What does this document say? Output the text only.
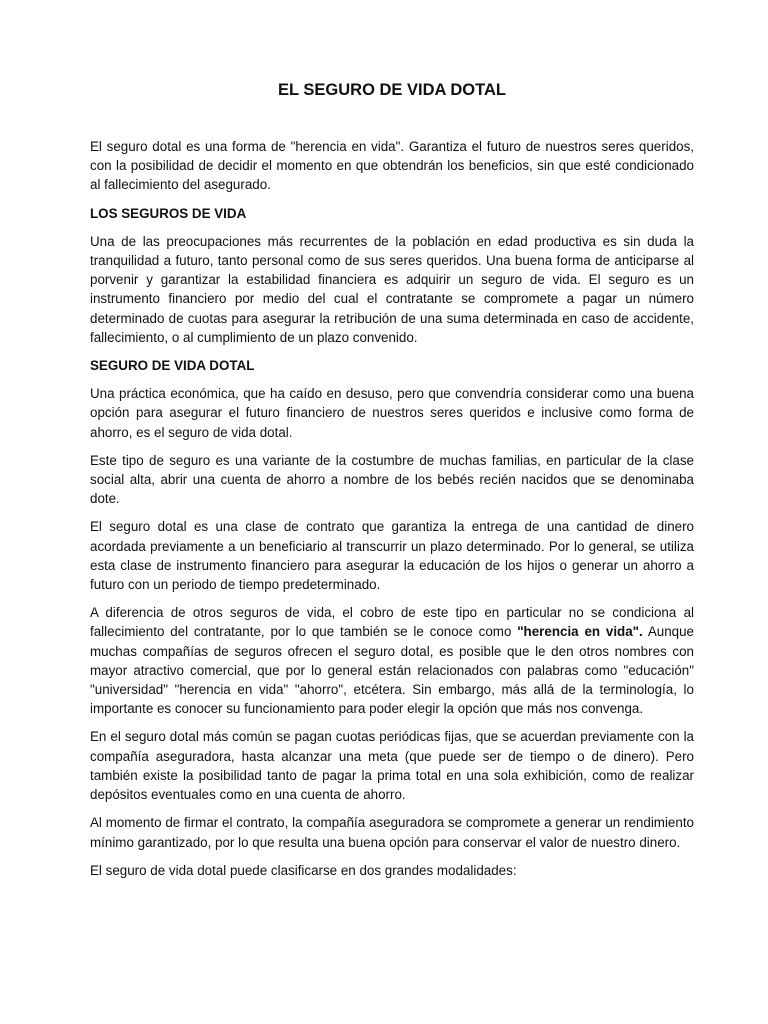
EL SEGURO DE VIDA DOTAL

El seguro dotal es una forma de "herencia en vida". Garantiza el futuro de nuestros seres queridos, con la posibilidad de decidir el momento en que obtendrán los beneficios, sin que esté condicionado al fallecimiento del asegurado.

LOS SEGUROS DE VIDA

Una de las preocupaciones más recurrentes de la población en edad productiva es sin duda la tranquilidad a futuro, tanto personal como de sus seres queridos. Una buena forma de anticiparse al porvenir y garantizar la estabilidad financiera es adquirir un seguro de vida. El seguro es un instrumento financiero por medio del cual el contratante se compromete a pagar un número determinado de cuotas para asegurar la retribución de una suma determinada en caso de accidente, fallecimiento, o al cumplimiento de un plazo convenido.

SEGURO DE VIDA DOTAL

Una práctica económica, que ha caído en desuso, pero que convendría considerar como una buena opción para asegurar el futuro financiero de nuestros seres queridos e inclusive como forma de ahorro, es el seguro de vida dotal.

Este tipo de seguro es una variante de la costumbre de muchas familias, en particular de la clase social alta, abrir una cuenta de ahorro a nombre de los bebés recién nacidos que se denominaba dote.

El seguro dotal es una clase de contrato que garantiza la entrega de una cantidad de dinero acordada previamente a un beneficiario al transcurrir un plazo determinado. Por lo general, se utiliza esta clase de instrumento financiero para asegurar la educación de los hijos o generar un ahorro a futuro con un periodo de tiempo predeterminado.

A diferencia de otros seguros de vida, el cobro de este tipo en particular no se condiciona al fallecimiento del contratante, por lo que también se le conoce como "herencia en vida". Aunque muchas compañías de seguros ofrecen el seguro dotal, es posible que le den otros nombres con mayor atractivo comercial, que por lo general están relacionados con palabras como "educación" "universidad" "herencia en vida" "ahorro", etcétera. Sin embargo, más allá de la terminología, lo importante es conocer su funcionamiento para poder elegir la opción que más nos convenga.

En el seguro dotal más común se pagan cuotas periódicas fijas, que se acuerdan previamente con la compañía aseguradora, hasta alcanzar una meta (que puede ser de tiempo o de dinero). Pero también existe la posibilidad tanto de pagar la prima total en una sola exhibición, como de realizar depósitos eventuales como en una cuenta de ahorro.

Al momento de firmar el contrato, la compañía aseguradora se compromete a generar un rendimiento mínimo garantizado, por lo que resulta una buena opción para conservar el valor de nuestro dinero.

El seguro de vida dotal puede clasificarse en dos grandes modalidades:
